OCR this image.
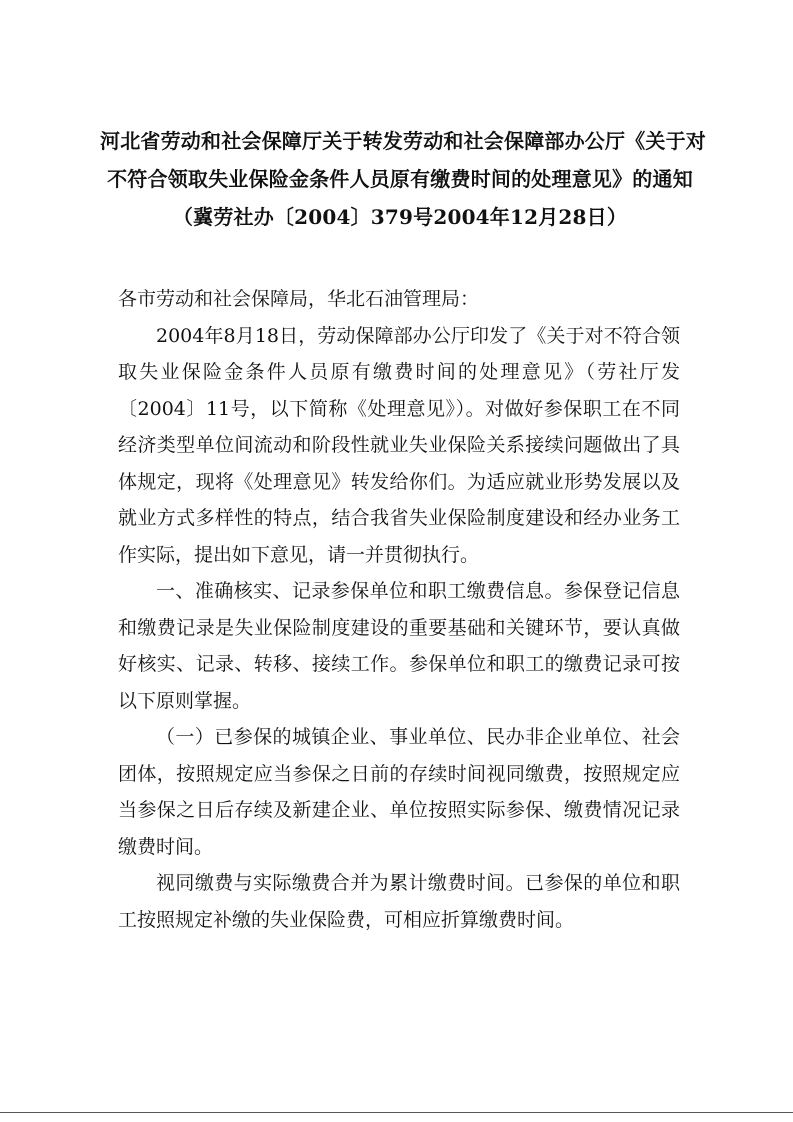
河北省劳动和社会保障厅关于转发劳动和社会保障部办公厅《关于对
不符合领取失业保险金条件人员原有缴费时间的处理意见》的通知
（冀劳社办〔2004〕379号2004年12月28日）

各市劳动和社会保障局，华北石油管理局：

2004年8月18日，劳动保障部办公厅印发了《关于对不符合领取失业保险金条件人员原有缴费时间的处理意见》（劳社厅发〔2004〕11号，以下简称《处理意见》）。对做好参保职工在不同经济类型单位间流动和阶段性就业失业保险关系接续问题做出了具体规定，现将《处理意见》转发给你们。为适应就业形势发展以及就业方式多样性的特点，结合我省失业保险制度建设和经办业务工作实际，提出如下意见，请一并贯彻执行。

一、准确核实、记录参保单位和职工缴费信息。参保登记信息和缴费记录是失业保险制度建设的重要基础和关键环节，要认真做好核实、记录、转移、接续工作。参保单位和职工的缴费记录可按以下原则掌握。

（一）已参保的城镇企业、事业单位、民办非企业单位、社会团体，按照规定应当参保之日前的存续时间视同缴费，按照规定应当参保之日后存续及新建企业、单位按照实际参保、缴费情况记录缴费时间。

视同缴费与实际缴费合并为累计缴费时间。已参保的单位和职工按照规定补缴的失业保险费，可相应折算缴费时间。
